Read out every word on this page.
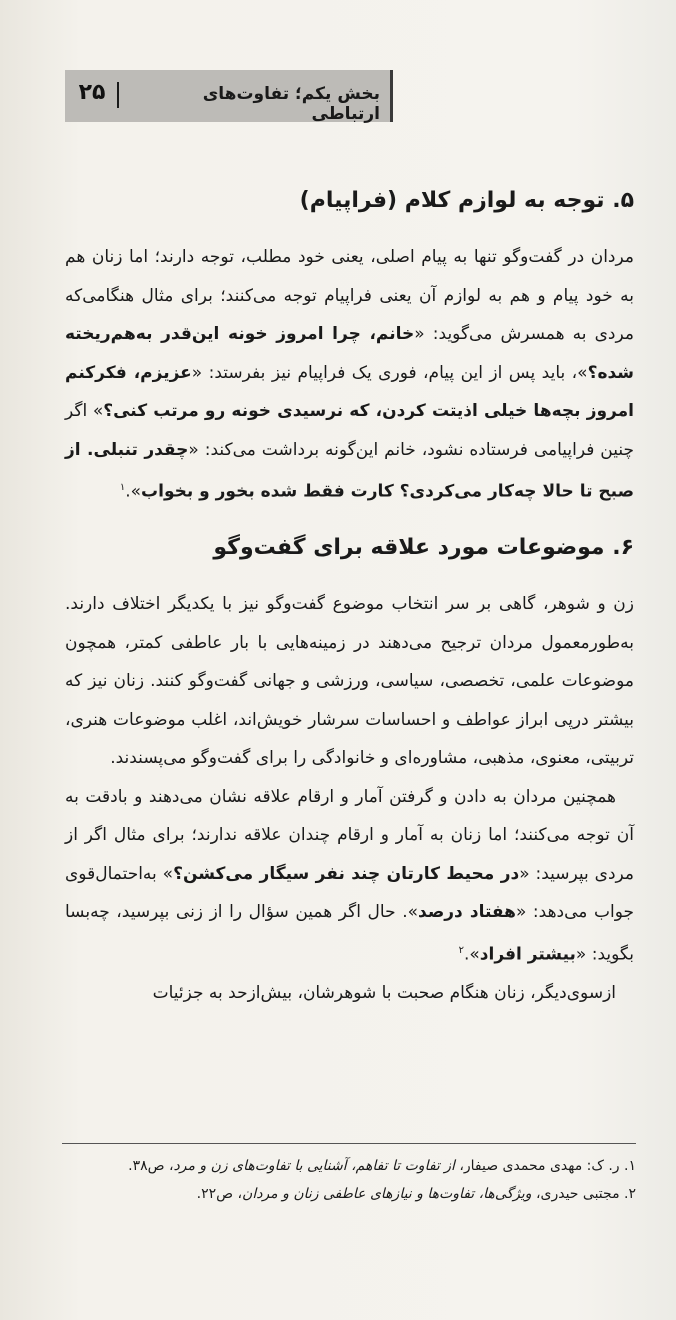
بخش یکم؛ تفاوت‌های ارتباطی
۲۵
۵. توجه به لوازم کلام (فراپیام)

مردان در گفت‌وگو تنها به پیام اصلی، یعنی خود مطلب، توجه دارند؛ اما زنان هم به خود پیام و هم به لوازم آن یعنی فراپیام توجه می‌کنند؛ برای مثال هنگامی‌که مردی به همسرش می‌گوید: «خانم، چرا امروز خونه این‌قدر به‌هم‌ریخته شده؟»، باید پس از این پیام، فوری یک فراپیام نیز بفرستد: «عزیزم، فکرکنم امروز بچه‌ها خیلی اذیتت کردن، که نرسیدی خونه رو مرتب کنی؟» اگر چنین فراپیامی فرستاده نشود، خانم این‌گونه برداشت می‌کند: «چقدر تنبلی. از صبح تا حالا چه‌کار می‌کردی؟ کارت فقط شده بخور و بخواب».$^۱$

۶. موضوعات مورد علاقه برای گفت‌وگو

زن و شوهر، گاهی بر سر انتخاب موضوع گفت‌وگو نیز با یکدیگر اختلاف دارند. به‌طورمعمول مردان ترجیح می‌دهند در زمینه‌هایی با بار عاطفی کمتر، همچون موضوعات علمی، تخصصی، سیاسی، ورزشی و جهانی گفت‌وگو کنند. زنان نیز که بیشتر درپی ابراز عواطف و احساسات سرشار خویش‌اند، اغلب موضوعات هنری، تربیتی، معنوی، مذهبی، مشاوره‌ای و خانوادگی را برای گفت‌وگو می‌پسندند.

همچنین مردان به دادن و گرفتن آمار و ارقام علاقه نشان می‌دهند و بادقت به آن توجه می‌کنند؛ اما زنان به آمار و ارقام چندان علاقه ندارند؛ برای مثال اگر از مردی بپرسید: «در محیط کارتان چند نفر سیگار می‌کشن؟» به‌احتمال‌قوی جواب می‌دهد: «هفتاد درصد». حال اگر همین سؤال را از زنی بپرسید، چه‌بسا بگوید: «بیشتر افراد».$^۲$

ازسوی‌دیگر، زنان هنگام صحبت با شوهرشان، بیش‌ازحد به جزئیات

۱. ر. ک: مهدی محمدی صیفار، از تفاوت تا تفاهم، آشنایی با تفاوت‌های زن و مرد، ص۳۸.
۲. مجتبی حیدری، ویژگی‌ها، تفاوت‌ها و نیازهای عاطفی زنان و مردان، ص۲۲.
